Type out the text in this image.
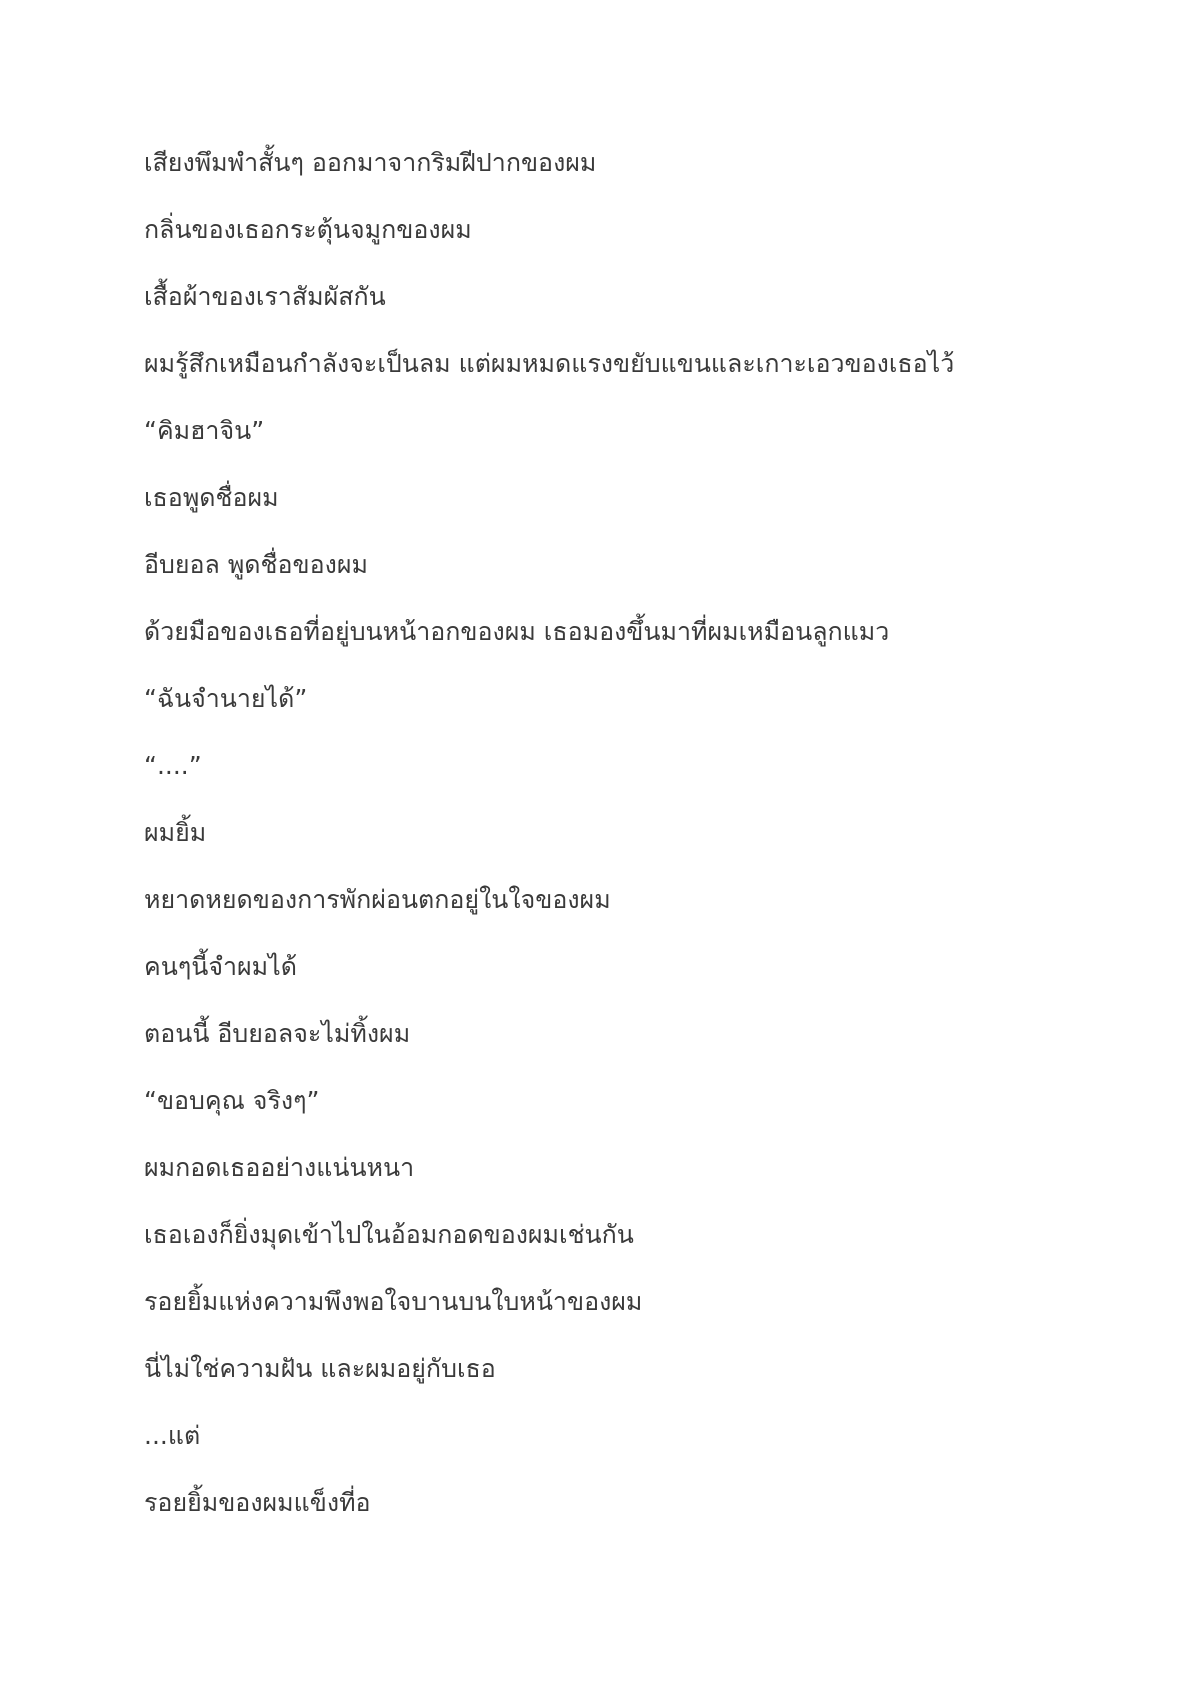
เสียงพึมพำสั้นๆ ออกมาจากริมฝีปากของผม

กลิ่นของเธอกระตุ้นจมูกของผม

เสื้อผ้าของเราสัมผัสกัน

ผมรู้สึกเหมือนกำลังจะเป็นลม แต่ผมหมดแรงขยับแขนและเกาะเอวของเธอไว้

“คิมฮาจิน”

เธอพูดชื่อผม

อีบยอล พูดชื่อของผม

ด้วยมือของเธอที่อยู่บนหน้าอกของผม เธอมองขึ้นมาที่ผมเหมือนลูกแมว

“ฉันจำนายได้”

“....”

ผมยิ้ม

หยาดหยดของการพักผ่อนตกอยู่ในใจของผม

คนๆนี้จำผมได้

ตอนนี้ อีบยอลจะไม่ทิ้งผม

“ขอบคุณ จริงๆ”

ผมกอดเธออย่างแน่นหนา

เธอเองก็ยิ่งมุดเข้าไปในอ้อมกอดของผมเช่นกัน

รอยยิ้มแห่งความพึงพอใจบานบนใบหน้าของผม

นี่ไม่ใช่ความฝัน และผมอยู่กับเธอ

...แต่

รอยยิ้มของผมแข็งที่อ
